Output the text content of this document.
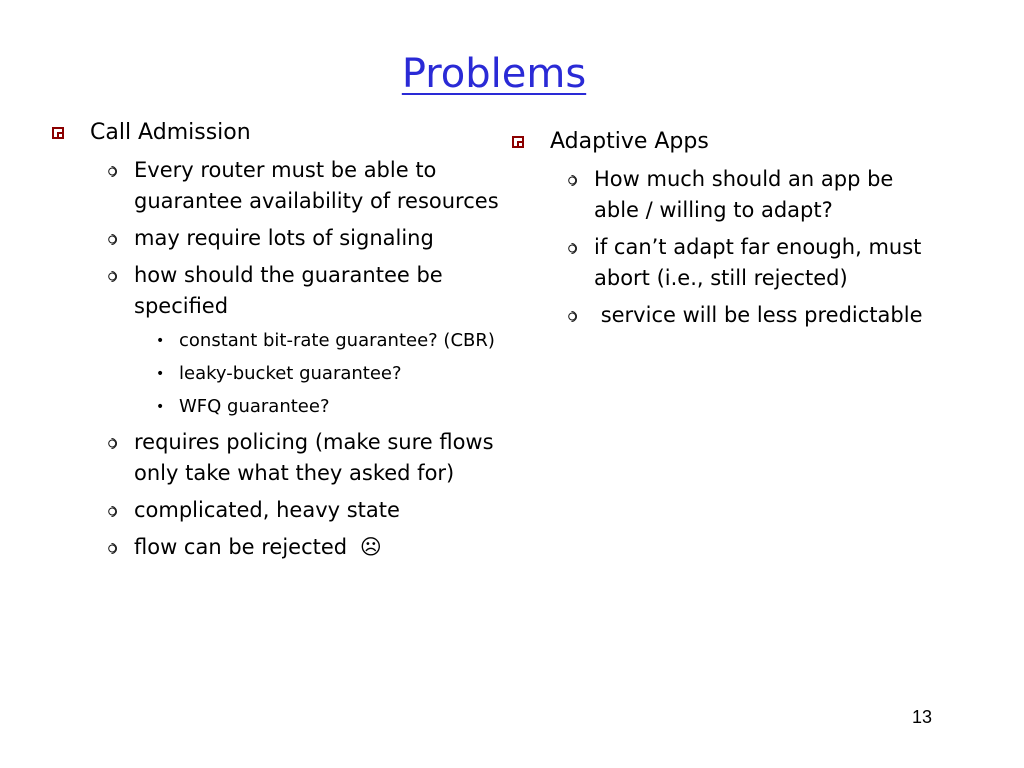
Problems
Call Admission
Every router must be able to guarantee availability of resources
may require lots of signaling
how should the guarantee be specified
• constant bit-rate guarantee? (CBR)
• leaky-bucket guarantee?
• WFQ guarantee?
requires policing (make sure flows only take what they asked for)
complicated, heavy state
flow can be rejected ☹
Adaptive Apps
How much should an app be able / willing to adapt?
if can’t adapt far enough, must abort (i.e., still rejected)
service will be less predictable
13
